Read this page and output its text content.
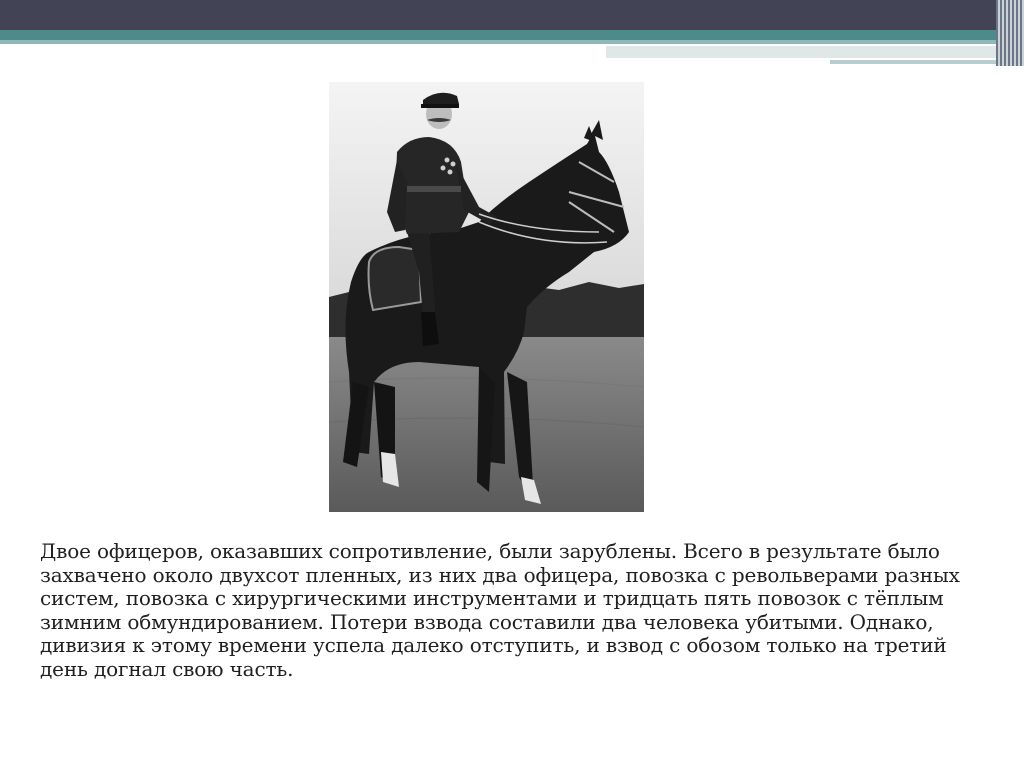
Двое офицеров, оказавших сопротивление, были зарублены. Всего в результате было захвачено около двухсот пленных, из них два офицера, повозка с револьверами разных систем, повозка с хирургическими инструментами и тридцать пять повозок с тёплым зимним обмундированием. Потери взвода составили два человека убитыми. Однако, дивизия к этому времени успела далеко отступить, и взвод с обозом только на третий день догнал свою часть.
